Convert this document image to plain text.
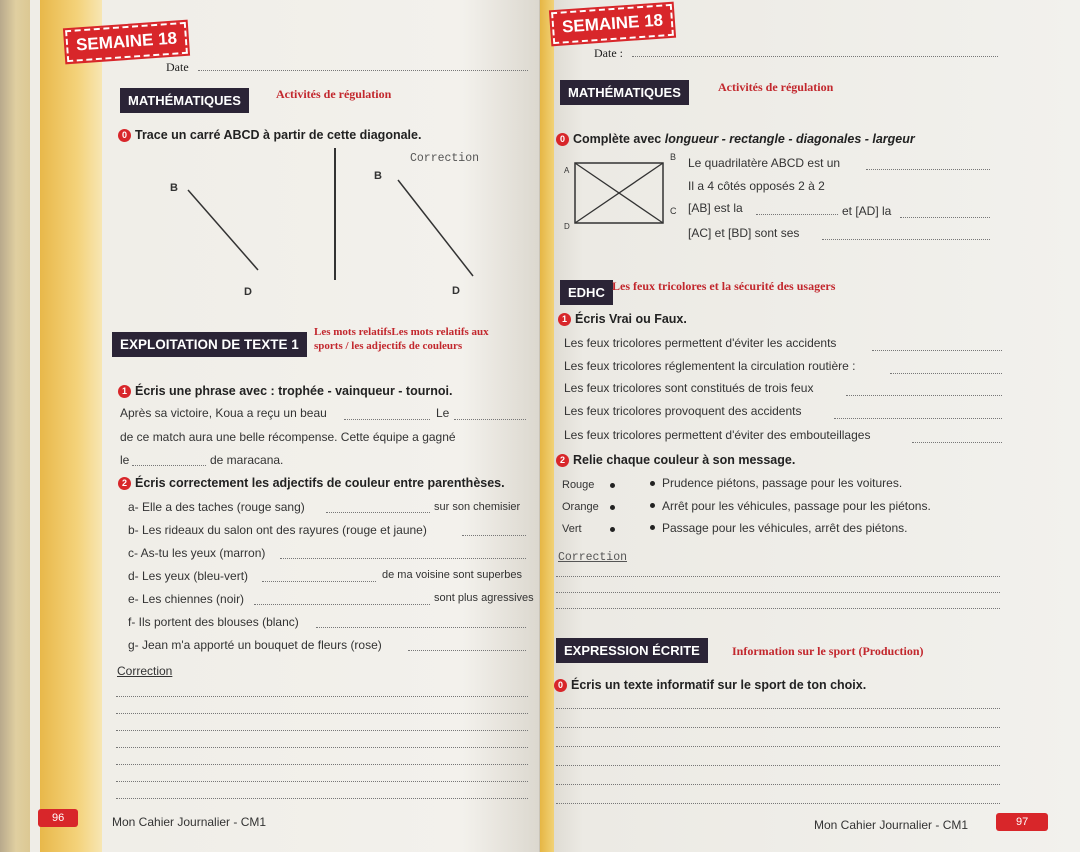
SEMAINE 18
Date
MATHÉMATIQUES	Activités de régulation
0 Trace un carré ABCD à partir de cette diagonale.
Correction
B
D
B
D
EXPLOITATION DE TEXTE 1
Les mots relatifsLes mots relatifs aux
sports / les adjectifs de couleurs
1 Écris une phrase avec : trophée - vainqueur - tournoi.
Après sa victoire, Koua a reçu un beau	Le
de ce match aura une belle récompense. Cette équipe a gagné
le	de maracana.
2 Écris correctement les adjectifs de couleur entre parenthèses.
a- Elle a des taches (rouge sang)	sur son chemisier
b- Les rideaux du salon ont des rayures (rouge et jaune)
c- As-tu les yeux (marron)
d- Les yeux (bleu-vert)	de ma voisine sont superbes
e- Les chiennes (noir)	sont plus agressives
f- Ils portent des blouses (blanc)
g- Jean m'a apporté un bouquet de fleurs (rose)
Correction
96	Mon Cahier Journalier - CM1
SEMAINE 18
Date :
MATHÉMATIQUES	Activités de régulation
0 Complète avec longueur - rectangle - diagonales - largeur
A
B
C
D
Le quadrilatère ABCD est un
Il a 4 côtés opposés 2 à 2
[AB] est la	et [AD] la
[AC] et [BD] sont ses
EDHC Les feux tricolores et la sécurité des usagers
1 Écris Vrai ou Faux.
Les feux tricolores permettent d'éviter les accidents
Les feux tricolores réglementent la circulation routière :
Les feux tricolores sont constitués de trois feux
Les feux tricolores provoquent des accidents
Les feux tricolores permettent d'éviter des embouteillages
2 Relie chaque couleur à son message.
Rouge
Orange
Vert
Prudence piétons, passage pour les voitures.
Arrêt pour les véhicules, passage pour les piétons.
Passage pour les véhicules, arrêt des piétons.
Correction
EXPRESSION ÉCRITE	Information sur le sport (Production)
0 Écris un texte informatif sur le sport de ton choix.
Mon Cahier Journalier - CM1	97
